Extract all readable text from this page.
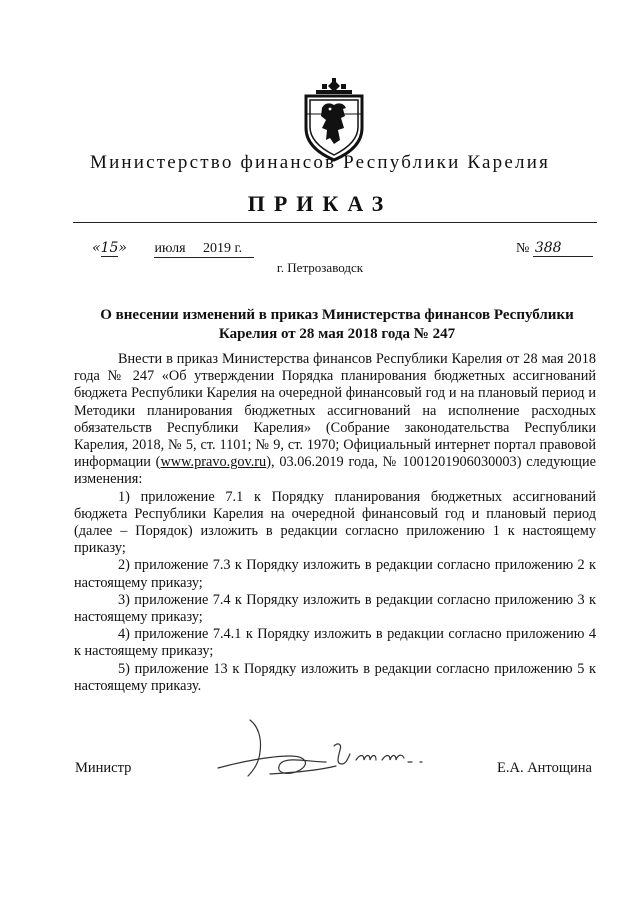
Министерство финансов Республики Карелия
ПРИКАЗ
«15» июля 2019 г.	№ 388
г. Петрозаводск
О внесении изменений в приказ Министерства финансов Республики Карелия от 28 мая 2018 года № 247

Внести в приказ Министерства финансов Республики Карелия от 28 мая 2018 года № 247 «Об утверждении Порядка планирования бюджетных ассигнований бюджета Республики Карелия на очередной финансовый год и на плановый период и Методики планирования бюджетных ассигнований на исполнение расходных обязательств Республики Карелия» (Собрание законодательства Республики Карелия, 2018, № 5, ст. 1101; № 9, ст. 1970; Официальный интернет портал правовой информации (www.pravo.gov.ru), 03.06.2019 года, № 1001201906030003) следующие изменения:

1) приложение 7.1 к Порядку планирования бюджетных ассигнований бюджета Республики Карелия на очередной финансовый год и плановый период (далее – Порядок) изложить в редакции согласно приложению 1 к настоящему приказу;

2) приложение 7.3 к Порядку изложить в редакции согласно приложению 2 к настоящему приказу;

3) приложение 7.4 к Порядку изложить в редакции согласно приложению 3 к настоящему приказу;

4) приложение 7.4.1 к Порядку изложить в редакции согласно приложению 4 к настоящему приказу;

5) приложение 13 к Порядку изложить в редакции согласно приложению 5 к настоящему приказу.

Министр	Е.А. Антощина
